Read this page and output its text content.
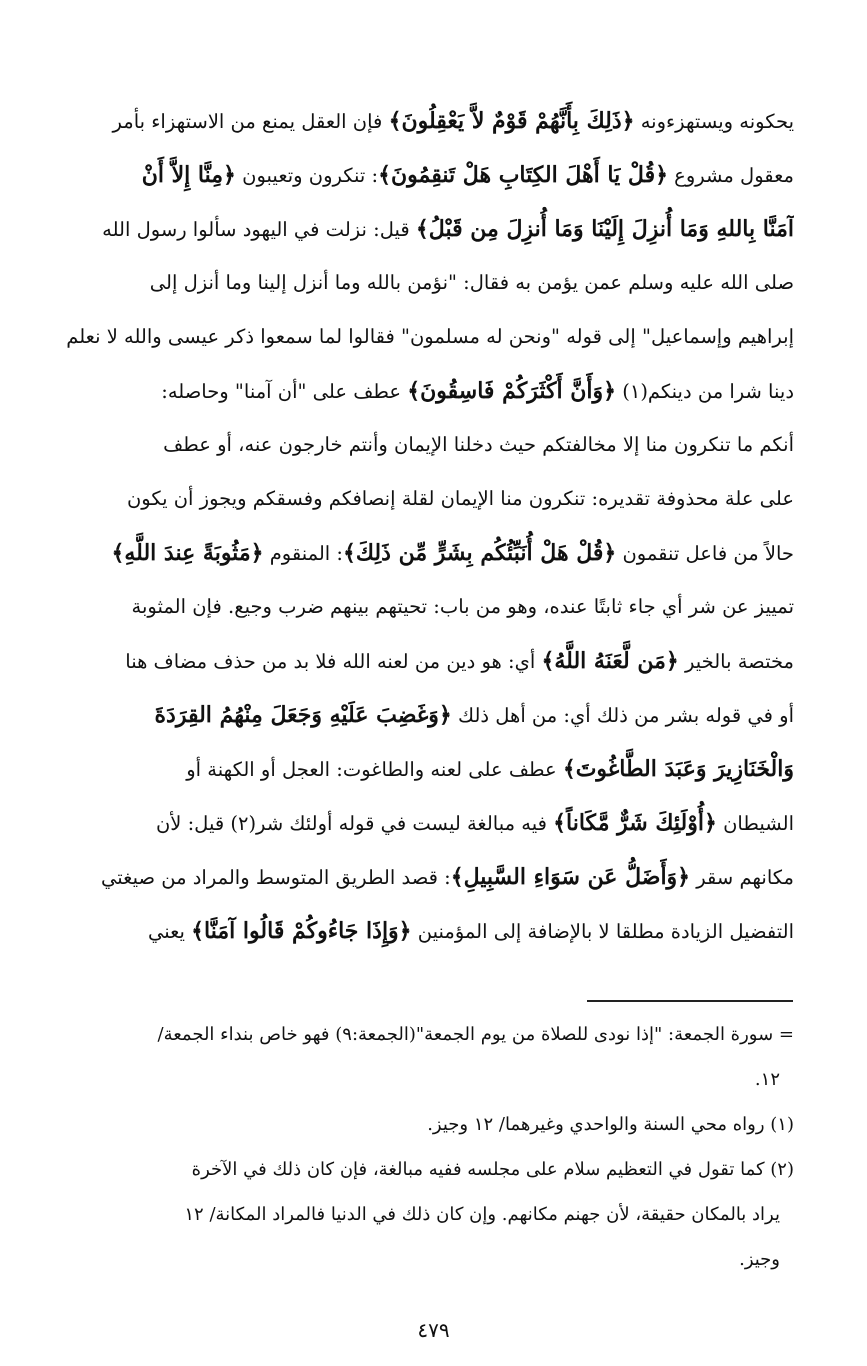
يحكونه ويستهزءونه ﴿ذَلِكَ بِأَنَّهُمْ قَوْمٌ لاَّ يَعْقِلُونَ﴾ فإن العقل يمنع من الاستهزاء بأمر
معقول مشروع ﴿قُلْ يَا أَهْلَ الكِتَابِ هَلْ تَنقِمُونَ﴾: تنكرون وتعيبون ﴿مِنَّا إِلاَّ أَنْ
آمَنَّا بِاللهِ وَمَا أُنزِلَ إِلَيْنَا وَمَا أُنزِلَ مِن قَبْلُ﴾ قيل: نزلت في اليهود سألوا رسول الله
صلى الله عليه وسلم عمن يؤمن به فقال: "نؤمن بالله وما أنزل إلينا وما أنزل إلى
إبراهيم وإسماعيل" إلى قوله "ونحن له مسلمون" فقالوا لما سمعوا ذكر عيسى والله لا نعلم
دينا شرا من دينكم(١) ﴿وَأَنَّ أَكْثَرَكُمْ فَاسِقُونَ﴾ عطف على "أن آمنا" وحاصله:
أنكم ما تنكرون منا إلا مخالفتكم حيث دخلنا الإيمان وأنتم خارجون عنه، أو عطف
على علة محذوفة تقديره: تنكرون منا الإيمان لقلة إنصافكم وفسقكم ويجوز أن يكون
حالاً من فاعل تنقمون ﴿قُلْ هَلْ أُنَبِّئُكُم بِشَرٍّ مِّن ذَلِكَ﴾: المنقوم ﴿مَثُوبَةً عِندَ اللَّهِ﴾
تمييز عن شر أي جاء ثابتًا عنده، وهو من باب: تحيتهم بينهم ضرب وجيع. فإن المثوبة
مختصة بالخير ﴿مَن لَّعَنَهُ اللَّهُ﴾ أي: هو دين من لعنه الله فلا بد من حذف مضاف هنا
أو في قوله بشر من ذلك أي: من أهل ذلك ﴿وَغَضِبَ عَلَيْهِ وَجَعَلَ مِنْهُمُ القِرَدَةَ
وَالْخَنَازِيرَ وَعَبَدَ الطَّاغُوتَ﴾ عطف على لعنه والطاغوت: العجل أو الكهنة أو
الشيطان ﴿أُوْلَئِكَ شَرٌّ مَّكَاناً﴾ فيه مبالغة ليست في قوله أولئك شر(٢) قيل: لأن
مكانهم سقر ﴿وَأَضَلُّ عَن سَوَاءِ السَّبِيلِ﴾: قصد الطريق المتوسط والمراد من صيغتي
التفضيل الزيادة مطلقا لا بالإضافة إلى المؤمنين ﴿وَإِذَا جَاءُوكُمْ قَالُوا آمَنَّا﴾ يعني
= سورة الجمعة: "إذا نودى للصلاة من يوم الجمعة"(الجمعة:٩) فهو خاص بنداء الجمعة/
١٢.
(١) رواه محي السنة والواحدي وغيرهما/ ١٢ وجيز.
(٢) كما تقول في التعظيم سلام على مجلسه ففيه مبالغة، فإن كان ذلك في الآخرة
يراد بالمكان حقيقة، لأن جهنم مكانهم. وإن كان ذلك في الدنيا فالمراد المكانة/ ١٢
وجيز.
٤٧٩
